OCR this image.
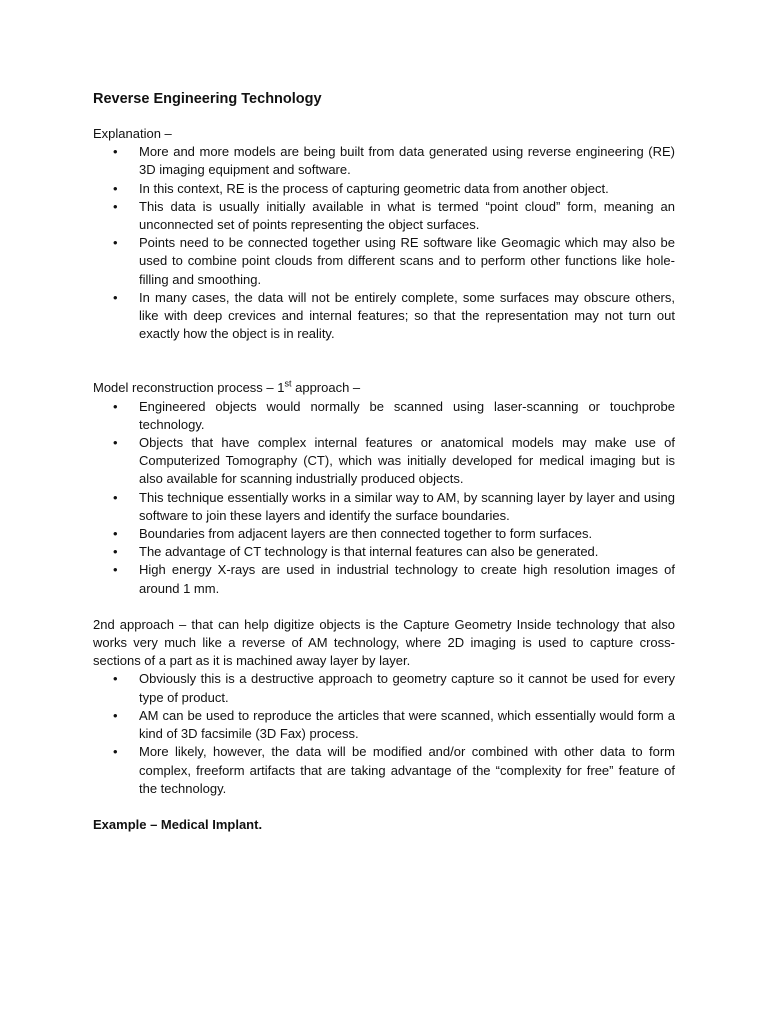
Reverse Engineering Technology
Explanation –
• More and more models are being built from data generated using reverse engineering (RE) 3D imaging equipment and software.
• In this context, RE is the process of capturing geometric data from another object.
• This data is usually initially available in what is termed “point cloud” form, meaning an unconnected set of points representing the object surfaces.
• Points need to be connected together using RE software like Geomagic which may also be used to combine point clouds from different scans and to perform other functions like hole-filling and smoothing.
• In many cases, the data will not be entirely complete, some surfaces may obscure others, like with deep crevices and internal features; so that the representation may not turn out exactly how the object is in reality.
Model reconstruction process – 1st approach –
• Engineered objects would normally be scanned using laser-scanning or touchprobe technology.
• Objects that have complex internal features or anatomical models may make use of Computerized Tomography (CT), which was initially developed for medical imaging but is also available for scanning industrially produced objects.
• This technique essentially works in a similar way to AM, by scanning layer by layer and using software to join these layers and identify the surface boundaries.
• Boundaries from adjacent layers are then connected together to form surfaces.
• The advantage of CT technology is that internal features can also be generated.
• High energy X-rays are used in industrial technology to create high resolution images of around 1 mm.

2nd approach – that can help digitize objects is the Capture Geometry Inside technology that also works very much like a reverse of AM technology, where 2D imaging is used to capture cross-sections of a part as it is machined away layer by layer.

• Obviously this is a destructive approach to geometry capture so it cannot be used for every type of product.
• AM can be used to reproduce the articles that were scanned, which essentially would form a kind of 3D facsimile (3D Fax) process.
• More likely, however, the data will be modified and/or combined with other data to form complex, freeform artifacts that are taking advantage of the “complexity for free” feature of the technology.
Example – Medical Implant.
